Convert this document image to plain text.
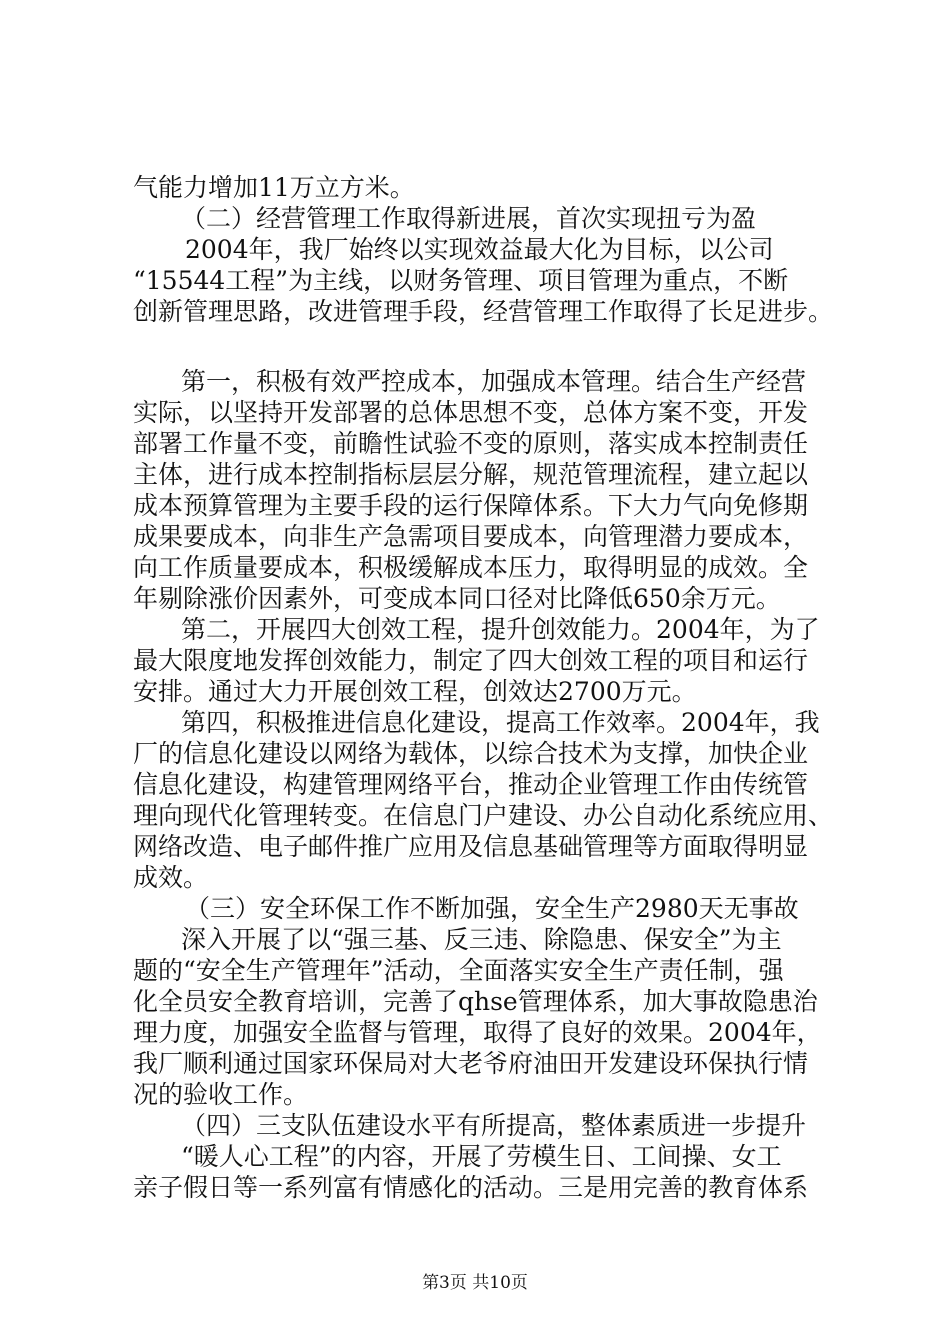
气能力增加11万立方米。

（二）经营管理工作取得新进展，首次实现扭亏为盈

2004年，我厂始终以实现效益最大化为目标，以公司

“15544工程”为主线，以财务管理、项目管理为重点，不断

创新管理思路，改进管理手段，经营管理工作取得了长足进步。

第一，积极有效严控成本，加强成本管理。结合生产经营

实际，以坚持开发部署的总体思想不变，总体方案不变，开发

部署工作量不变，前瞻性试验不变的原则，落实成本控制责任

主体，进行成本控制指标层层分解，规范管理流程，建立起以

成本预算管理为主要手段的运行保障体系。下大力气向免修期

成果要成本，向非生产急需项目要成本，向管理潜力要成本，

向工作质量要成本，积极缓解成本压力，取得明显的成效。全

年剔除涨价因素外，可变成本同口径对比降低650余万元。

第二，开展四大创效工程，提升创效能力。2004年，为了

最大限度地发挥创效能力，制定了四大创效工程的项目和运行

安排。通过大力开展创效工程，创效达2700万元。

第四，积极推进信息化建设，提高工作效率。2004年，我

厂的信息化建设以网络为载体，以综合技术为支撑，加快企业

信息化建设，构建管理网络平台，推动企业管理工作由传统管

理向现代化管理转变。在信息门户建设、办公自动化系统应用、

网络改造、电子邮件推广应用及信息基础管理等方面取得明显

成效。

（三）安全环保工作不断加强，安全生产2980天无事故

深入开展了以“强三基、反三违、除隐患、保安全”为主

题的“安全生产管理年”活动，全面落实安全生产责任制，强

化全员安全教育培训，完善了qhse管理体系，加大事故隐患治

理力度，加强安全监督与管理，取得了良好的效果。2004年，

我厂顺利通过国家环保局对大老爷府油田开发建设环保执行情

况的验收工作。

（四）三支队伍建设水平有所提高，整体素质进一步提升

“暖人心工程”的内容，开展了劳模生日、工间操、女工

亲子假日等一系列富有情感化的活动。三是用完善的教育体系

第3页 共10页
